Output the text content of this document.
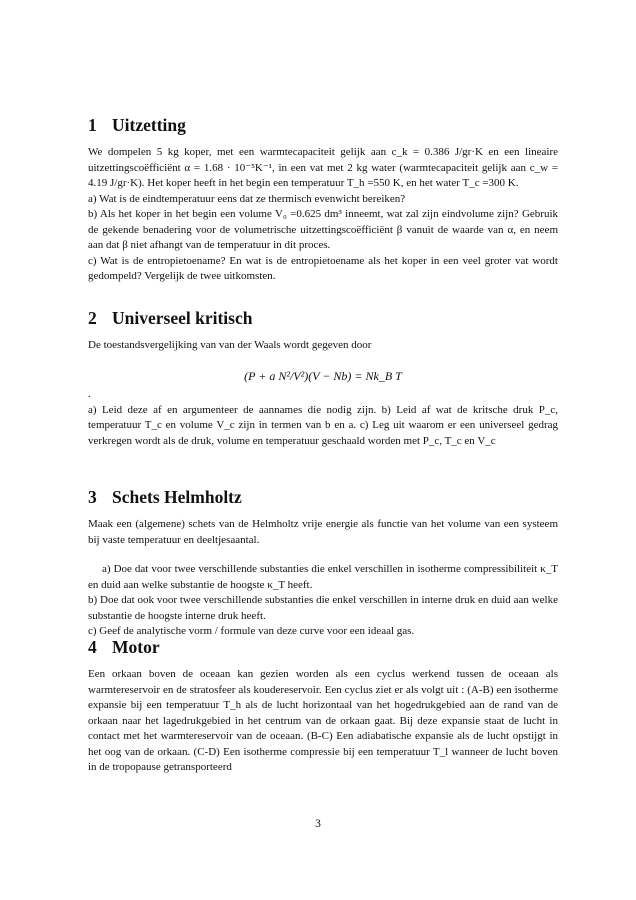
1 Uitzetting

We dompelen 5 kg koper, met een warmtecapaciteit gelijk aan c_k = 0.386 J/gr·K en een lineaire uitzettingscoëfficiënt α = 1.68 · 10⁻⁵K⁻¹, in een vat met 2 kg water (warmtecapaciteit gelijk aan c_w = 4.19 J/gr·K). Het koper heeft in het begin een temperatuur T_h =550 K, en het water T_c =300 K.

a) Wat is de eindtemperatuur eens dat ze thermisch evenwicht bereiken?

b) Als het koper in het begin een volume V₀ =0.625 dm³ inneemt, wat zal zijn eindvolume zijn? Gebruik de gekende benadering voor de volumetrische uitzettingscoëfficiënt β vanuit de waarde van α, en neem aan dat β niet afhangt van de temperatuur in dit proces.

c) Wat is de entropietoename? En wat is de entropietoename als het koper in een veel groter vat wordt gedompeld? Vergelijk de twee uitkomsten.

2 Universeel kritisch

De toestandsvergelijking van van der Waals wordt gegeven door

(P + a N²/V²)(V − Nb) = Nk_B T

.

a) Leid deze af en argumenteer de aannames die nodig zijn. b) Leid af wat de kritsche druk P_c, temperatuur T_c en volume V_c zijn in termen van b en a. c) Leg uit waarom er een universeel gedrag verkregen wordt als de druk, volume en temperatuur geschaald worden met P_c, T_c en V_c

3 Schets Helmholtz

Maak een (algemene) schets van de Helmholtz vrije energie als functie van het volume van een systeem bij vaste temperatuur en deeltjesaantal.

a) Doe dat voor twee verschillende substanties die enkel verschillen in isotherme compressibiliteit κ_T en duid aan welke substantie de hoogste κ_T heeft.

b) Doe dat ook voor twee verschillende substanties die enkel verschillen in interne druk en duid aan welke substantie de hoogste interne druk heeft.

c) Geef de analytische vorm / formule van deze curve voor een ideaal gas.

4 Motor

Een orkaan boven de oceaan kan gezien worden als een cyclus werkend tussen de oceaan als warmtereservoir en de stratosfeer als koudereservoir. Een cyclus ziet er als volgt uit : (A-B) een isotherme expansie bij een temperatuur T_h als de lucht horizontaal van het hogedrukgebied aan de rand van de orkaan naar het lagedrukgebied in het centrum van de orkaan gaat. Bij deze expansie staat de lucht in contact met het warmtereservoir van de oceaan. (B-C) Een adiabatische expansie als de lucht opstijgt in het oog van de orkaan. (C-D) Een isotherme compressie bij een temperatuur T_l wanneer de lucht boven in de tropopause getransporteerd

3
